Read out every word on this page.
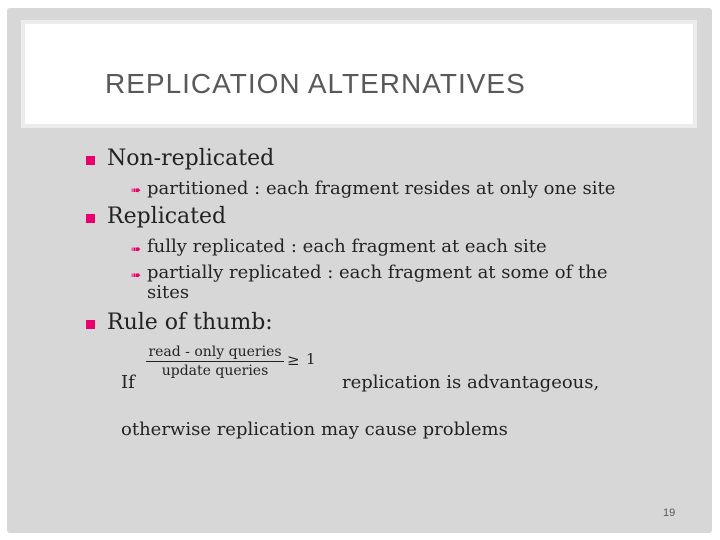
REPLICATION ALTERNATIVES
Non-replicated
➠ partitioned : each fragment resides at only one site
Replicated
➠ fully replicated : each fragment at each site
➠ partially replicated : each fragment at some of the
sites
Rule of thumb:
read - only queries
update queries
≥ 1
If	replication is advantageous,
otherwise replication may cause problems
19
